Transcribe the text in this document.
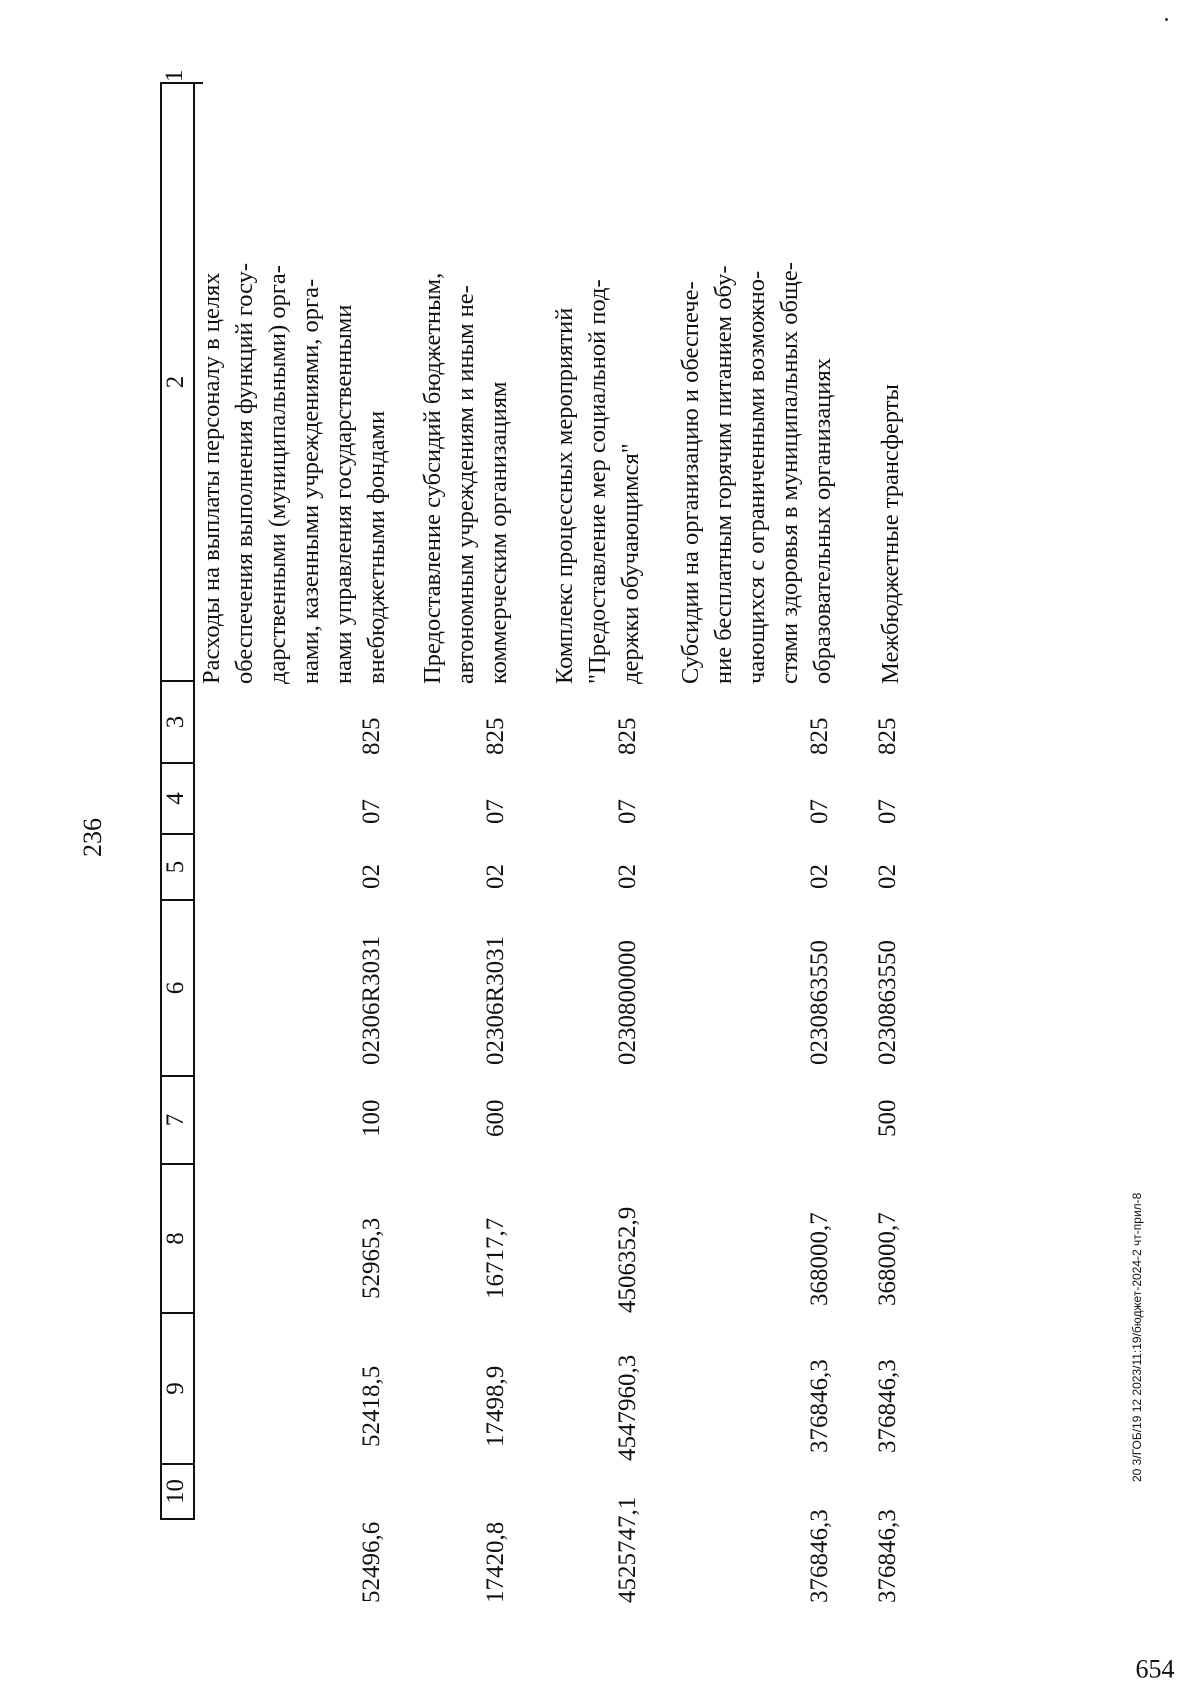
236
1
2
3
4
5
6
7
8
9
10
Расходы на выплаты персоналу в целях обеспечения выполнения функций госу- дарственными (муниципальными) орга- нами, казенными учреждениями, орга- нами управления государственными внебюджетными фондами
825
07
02
02306R3031
100
52965,3
52418,5
52496,6
Предоставление субсидий бюджетным, автономным учреждениям и иным не- коммерческим организациям
825
07
02
02306R3031
600
16717,7
17498,9
17420,8
Комплекс процессных мероприятий "Предоставление мер социальной под- держки обучающимся"
825
07
02
0230800000
4506352,9
4547960,3
4525747,1
Субсидии на организацию и обеспече- ние бесплатным горячим питанием обу- чающихся с ограниченными возможно- стями здоровья в муниципальных обще- образовательных организациях
825
07
02
0230863550
368000,7
376846,3
376846,3
Межбюджетные трансферты
825
07
02
0230863550
500
368000,7
376846,3
376846,3
20 3/ГОБ/19 12 2023/11:19/бюджет-2024-2 чт-прил-8
654
